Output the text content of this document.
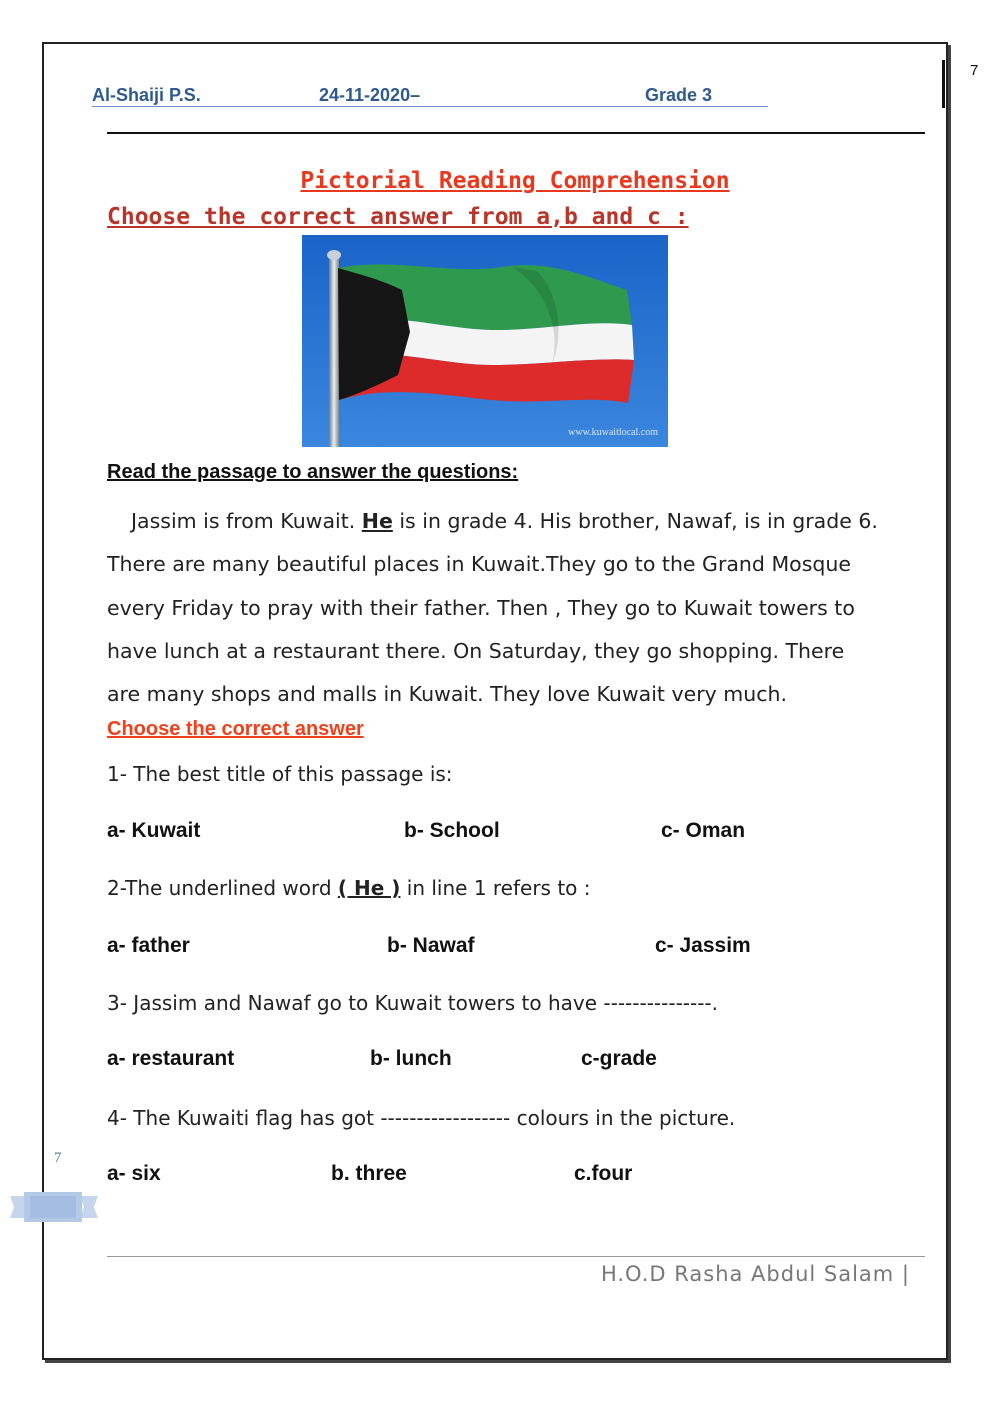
7
Al-Shaiji P.S.	24-11-2020–	Grade 3
Pictorial Reading Comprehension
Choose the correct answer from a,b and c :
www.kuwaitlocal.com
Read the passage to answer the questions:
Jassim is from Kuwait. He is in grade 4. His brother, Nawaf, is in grade 6.
There are many beautiful places in Kuwait.They go to the Grand Mosque
every Friday to pray with their father. Then , They go to Kuwait towers to
have lunch at a restaurant there. On Saturday, they go shopping. There
are many shops and malls in Kuwait. They love Kuwait very much.
Choose the correct answer
1- The best title of this passage is:
a- Kuwait	b- School	c- Oman
2-The underlined word ( He ) in line 1 refers to :
a- father	b- Nawaf	c- Jassim
3- Jassim and Nawaf go to Kuwait towers to have ---------------.
a- restaurant	b- lunch	c-grade
4- The Kuwaiti flag has got ------------------ colours in the picture.
a- six	b. three	c.four
7
H.O.D Rasha Abdul Salam |
